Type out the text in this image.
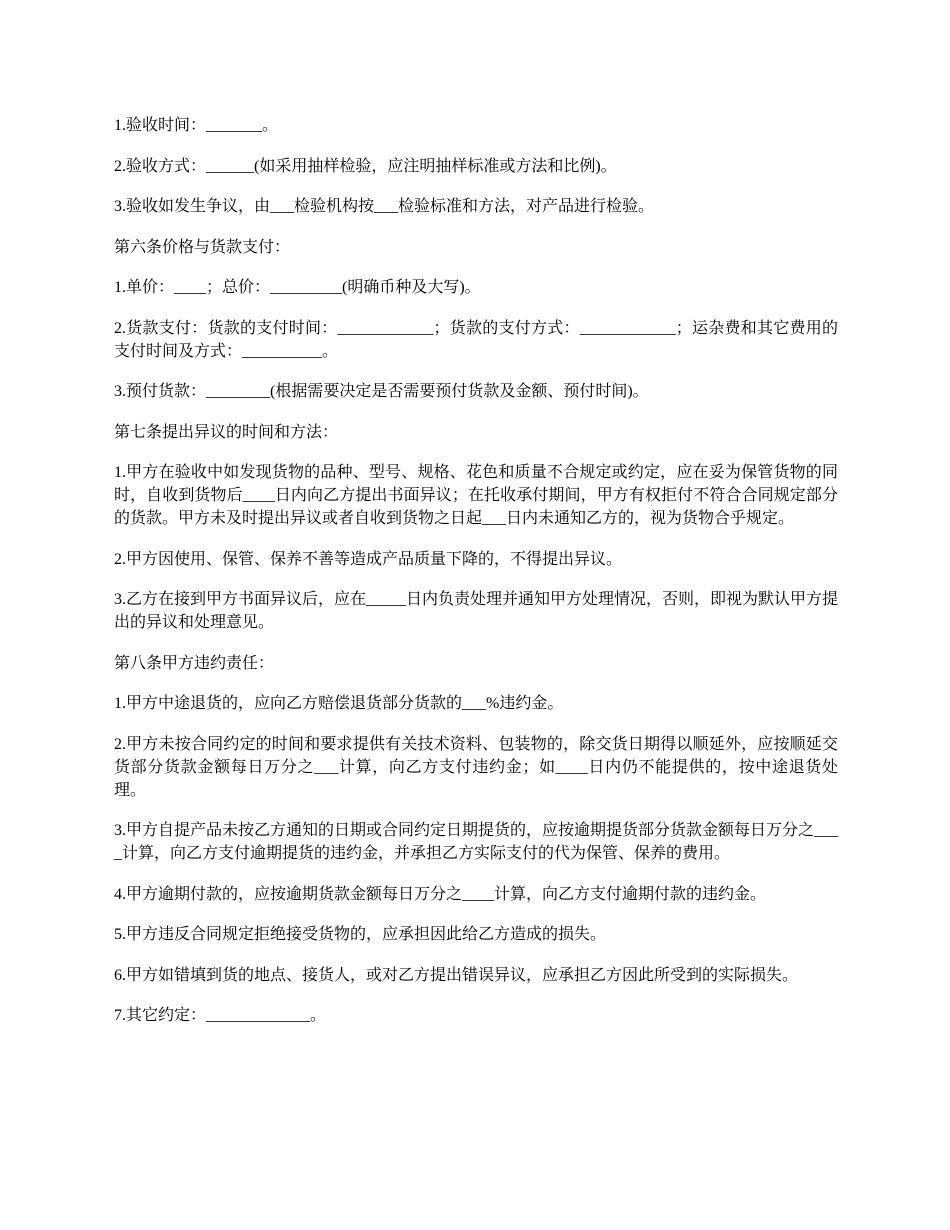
1.验收时间：_______。

2.验收方式：______(如采用抽样检验，应注明抽样标准或方法和比例)。

3.验收如发生争议，由___检验机构按___检验标准和方法，对产品进行检验。

第六条价格与货款支付：

1.单价：____；总价：_________(明确币种及大写)。

2.货款支付：货款的支付时间：____________；货款的支付方式：____________；运杂费和其它费用的支付时间及方式：__________。

3.预付货款：________(根据需要决定是否需要预付货款及金额、预付时间)。

第七条提出异议的时间和方法：

1.甲方在验收中如发现货物的品种、型号、规格、花色和质量不合规定或约定，应在妥为保管货物的同时，自收到货物后____日内向乙方提出书面异议；在托收承付期间，甲方有权拒付不符合合同规定部分的货款。甲方未及时提出异议或者自收到货物之日起___日内未通知乙方的，视为货物合乎规定。

2.甲方因使用、保管、保养不善等造成产品质量下降的，不得提出异议。

3.乙方在接到甲方书面异议后，应在_____日内负责处理并通知甲方处理情况，否则，即视为默认甲方提出的异议和处理意见。

第八条甲方违约责任：

1.甲方中途退货的，应向乙方赔偿退货部分货款的___%违约金。

2.甲方未按合同约定的时间和要求提供有关技术资料、包装物的，除交货日期得以顺延外，应按顺延交货部分货款金额每日万分之___计算，向乙方支付违约金；如____日内仍不能提供的，按中途退货处理。

3.甲方自提产品未按乙方通知的日期或合同约定日期提货的，应按逾期提货部分货款金额每日万分之____计算，向乙方支付逾期提货的违约金，并承担乙方实际支付的代为保管、保养的费用。

4.甲方逾期付款的，应按逾期货款金额每日万分之____计算，向乙方支付逾期付款的违约金。

5.甲方违反合同规定拒绝接受货物的，应承担因此给乙方造成的损失。

6.甲方如错填到货的地点、接货人，或对乙方提出错误异议，应承担乙方因此所受到的实际损失。

7.其它约定：_____________。
